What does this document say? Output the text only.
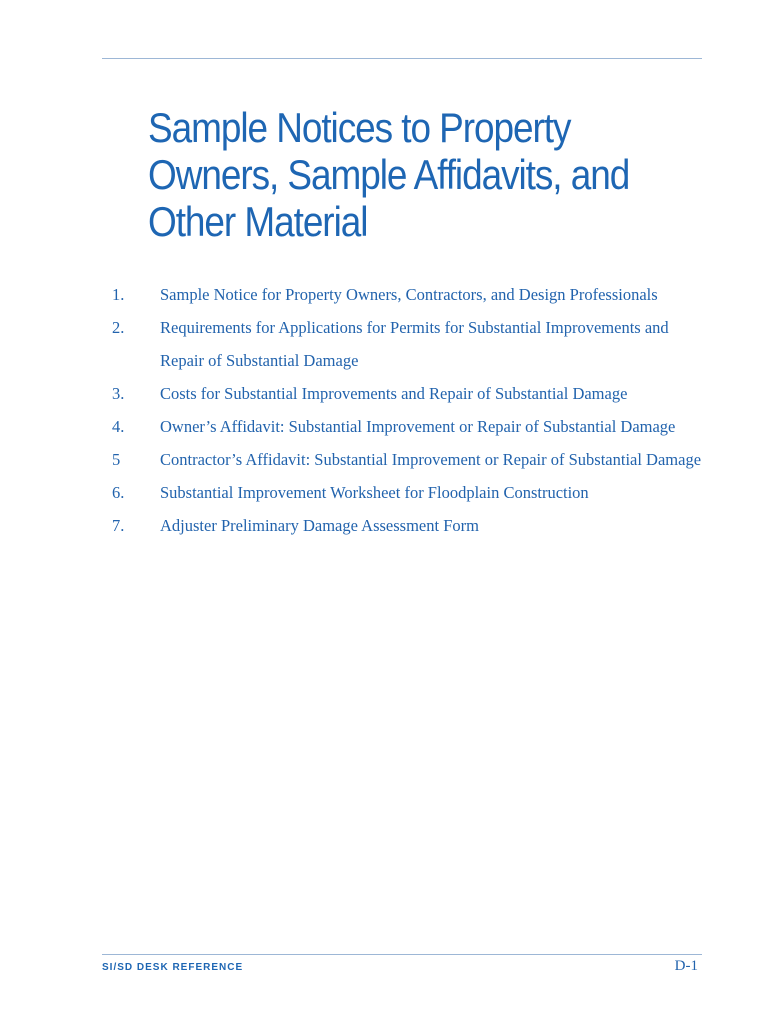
Sample Notices to Property
Owners, Sample Affidavits, and
Other Material
1.	Sample Notice for Property Owners, Contractors, and Design Professionals
2.	Requirements for Applications for Permits for Substantial Improvements and
Repair of Substantial Damage
3.	Costs for Substantial Improvements and Repair of Substantial Damage
4.	Owner’s Affidavit: Substantial Improvement or Repair of Substantial Damage
5	Contractor’s Affidavit: Substantial Improvement or Repair of Substantial Damage
6.	Substantial Improvement Worksheet for Floodplain Construction
7.	Adjuster Preliminary Damage Assessment Form
SI/SD DESK REFERENCE	D-1
